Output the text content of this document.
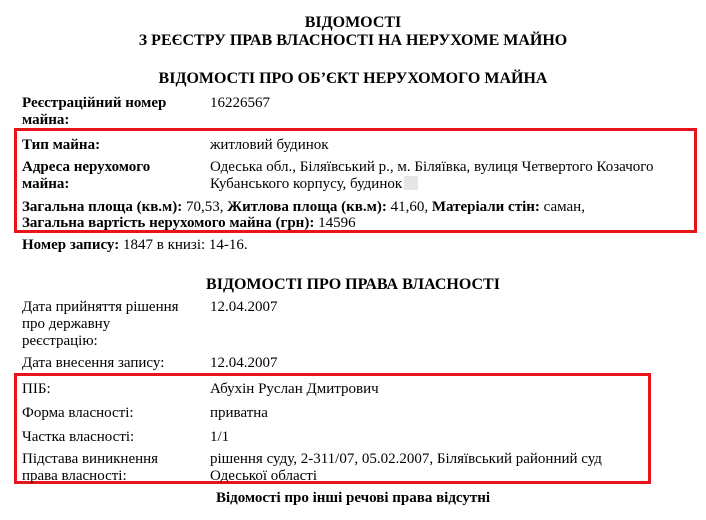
ВІДОМОСТІ
З РЕЄСТРУ ПРАВ ВЛАСНОСТІ НА НЕРУХОМЕ МАЙНО
ВІДОМОСТІ ПРО ОБ’ЄКТ НЕРУХОМОГО МАЙНА
Реєстраційний номер
майна:
16226567
Тип майна:	житловий будинок
Адреса нерухомого
майна:
Одеська обл., Біляївський р., м. Біляївка, вулиця Четвертого Козачого
Кубанського корпусу, будинок
Загальна площа (кв.м): 70,53, Житлова площа (кв.м): 41,60, Матеріали стін: саман,
Загальна вартість нерухомого майна (грн): 14596
Номер запису: 1847 в книзі: 14-16.
ВІДОМОСТІ ПРО ПРАВА ВЛАСНОСТІ
Дата прийняття рішення
про державну
реєстрацію:
12.04.2007
Дата внесення запису:	12.04.2007
ПІБ:	Абухін Руслан Дмитрович
Форма власності:	приватна
Частка власності:	1/1
Підстава виникнення
права власності:
рішення суду, 2-311/07, 05.02.2007, Біляївський районний суд
Одеської області
Відомості про інші речові права відсутні
